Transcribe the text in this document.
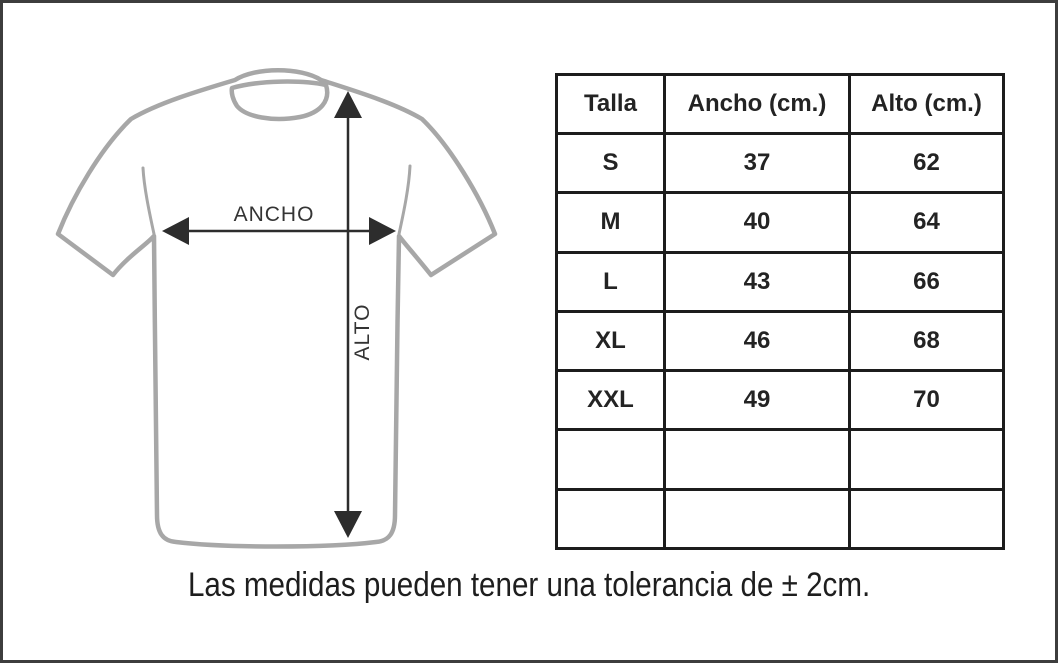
ANCHO
ALTO
Talla	Ancho (cm.)	Alto (cm.)
S	37	62
M	40	64
L	43	66
XL	46	68
XXL	49	70

Las medidas pueden tener una tolerancia de ± 2cm.
